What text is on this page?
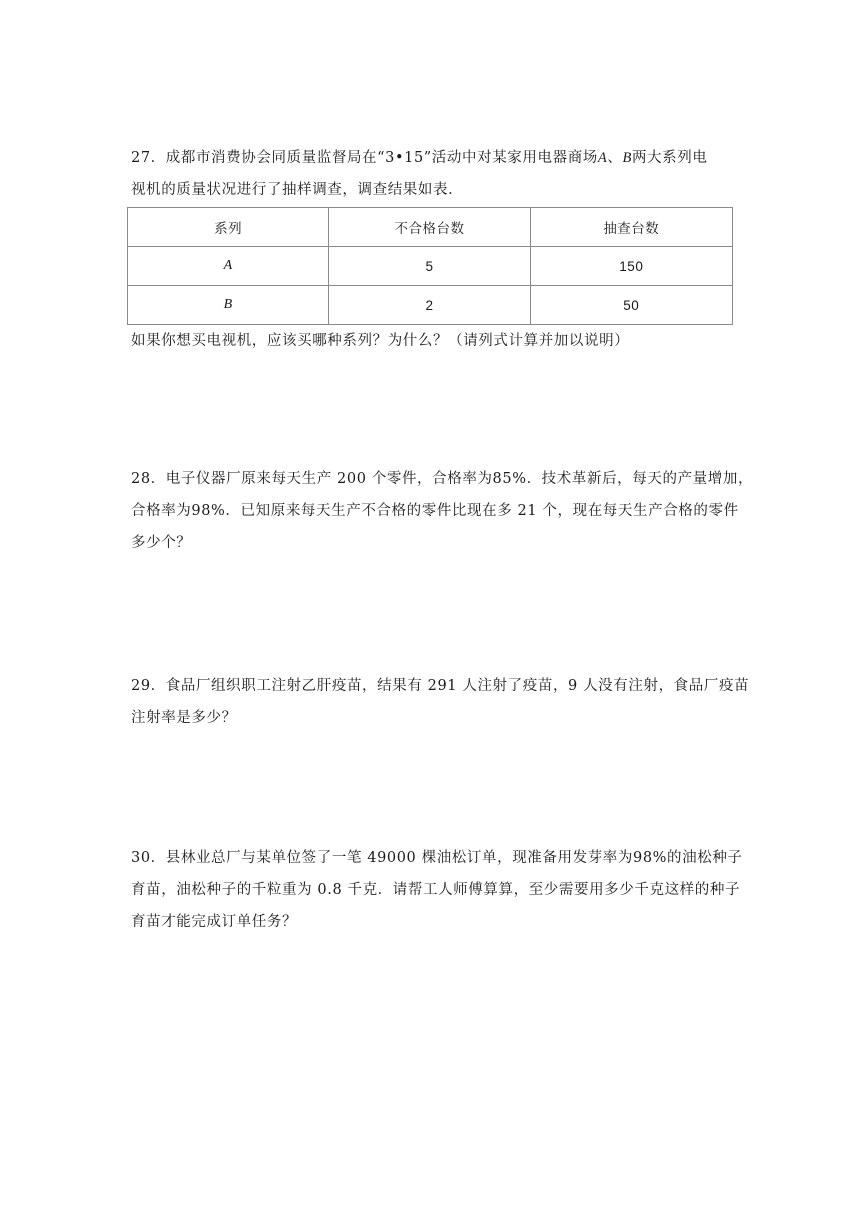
27．成都市消费协会同质量监督局在“3•15”活动中对某家用电器商场A、B两大系列电
视机的质量状况进行了抽样调查，调查结果如表．
系列	不合格台数	抽查台数
A	5	150
B	2	50
如果你想买电视机，应该买哪种系列？为什么？（请列式计算并加以说明）
28．电子仪器厂原来每天生产 200 个零件，合格率为85%．技术革新后，每天的产量增加，
合格率为98%．已知原来每天生产不合格的零件比现在多 21 个，现在每天生产合格的零件
多少个？
29．食品厂组织职工注射乙肝疫苗，结果有 291 人注射了疫苗，9 人没有注射，食品厂疫苗
注射率是多少？
30．县林业总厂与某单位签了一笔 49000 棵油松订单，现准备用发芽率为98%的油松种子
育苗，油松种子的千粒重为 0.8 千克．请帮工人师傅算算，至少需要用多少千克这样的种子
育苗才能完成订单任务？
